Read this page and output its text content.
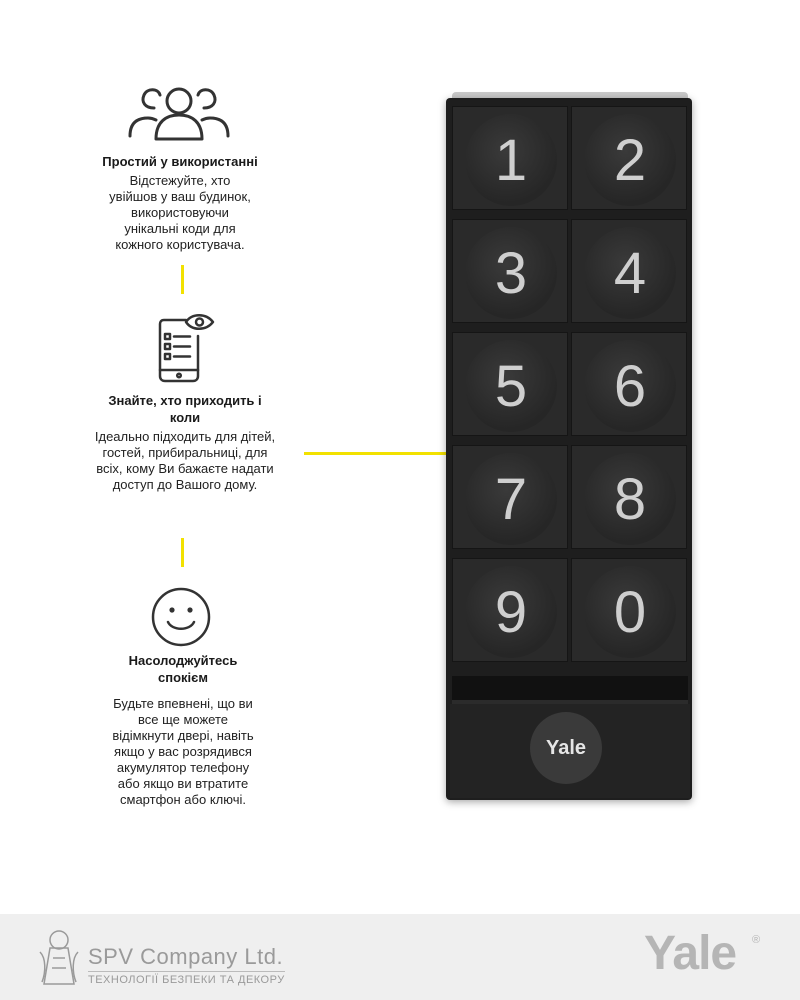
Простий у використанні
Відстежуйте, хто
увійшов у ваш будинок,
використовуючи
унікальні коди для
кожного користувача.
Знайте, хто приходить і
коли
Ідеально підходить для дітей,
гостей, прибиральниці, для
всіх, кому Ви бажаєте надати
доступ до Вашого дому.
Насолоджуйтесь
спокієм
Будьте впевнені, що ви
все ще можете
відімкнути двері, навіть
якщо у вас розрядився
акумулятор телефону
або якщо ви втратите
смартфон або ключі.
1	2
3	4
5	6
7	8
9	0
Yale
SPV Company Ltd.
ТЕХНОЛОГІЇ БЕЗПЕКИ ТА ДЕКОРУ	Yale ®
